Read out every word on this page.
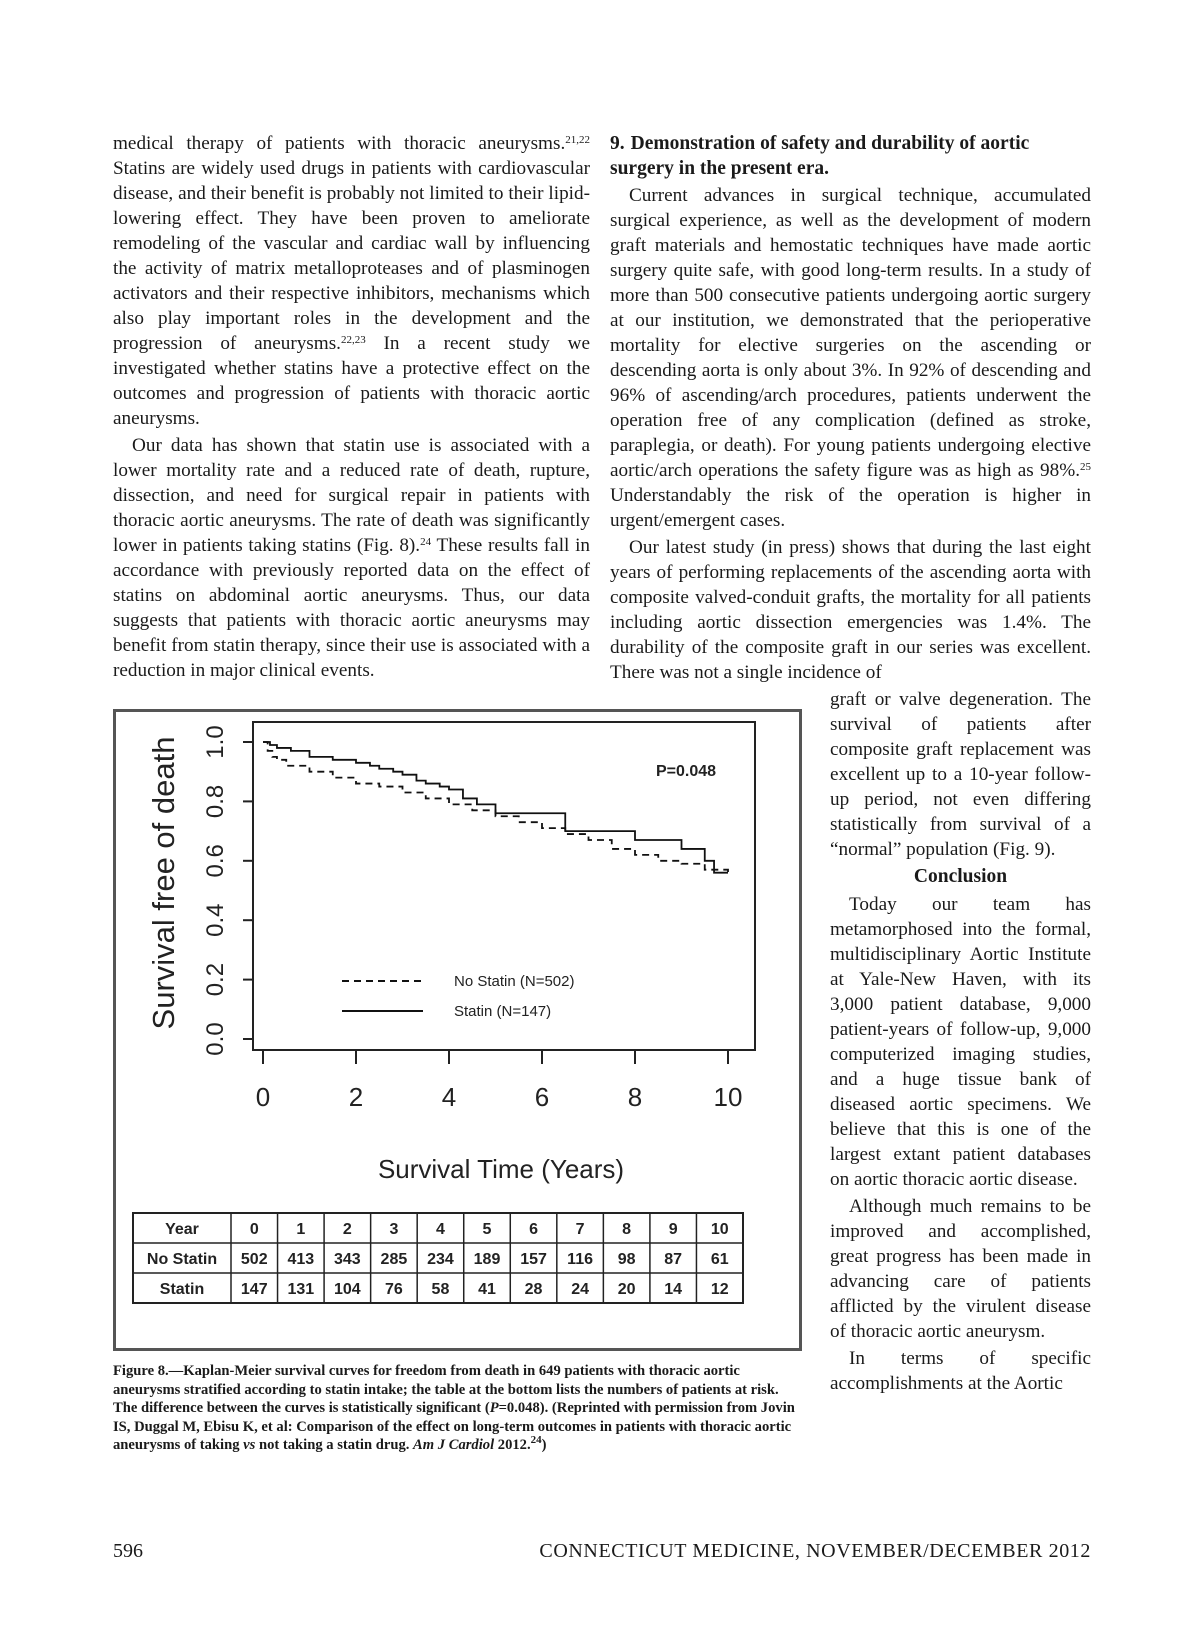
medical therapy of patients with thoracic aneurysms.$^{21,22}$ Statins are widely used drugs in patients with cardiovascular disease, and their benefit is probably not limited to their lipid-lowering effect. They have been proven to ameliorate remodeling of the vascular and cardiac wall by influencing the activity of matrix metalloproteases and of plasminogen activators and their respective inhibitors, mechanisms which also play important roles in the development and the progression of aneurysms.$^{22,23}$ In a recent study we investigated whether statins have a protective effect on the outcomes and progression of patients with thoracic aortic aneurysms.

Our data has shown that statin use is associated with a lower mortality rate and a reduced rate of death, rupture, dissection, and need for surgical repair in patients with thoracic aortic aneurysms. The rate of death was significantly lower in patients taking statins (Fig. 8).$^{24}$ These results fall in accordance with previously reported data on the effect of statins on abdominal aortic aneurysms. Thus, our data suggests that patients with thoracic aortic aneurysms may benefit from statin therapy, since their use is associated with a reduction in major clinical events.

9. Demonstration of safety and durability of aortic surgery in the present era.

Current advances in surgical technique, accumulated surgical experience, as well as the development of modern graft materials and hemostatic techniques have made aortic surgery quite safe, with good long-term results. In a study of more than 500 consecutive patients undergoing aortic surgery at our institution, we demonstrated that the perioperative mortality for elective surgeries on the ascending or descending aorta is only about 3%. In 92% of descending and 96% of ascending/arch procedures, patients underwent the operation free of any complication (defined as stroke, paraplegia, or death). For young patients undergoing elective aortic/arch operations the safety figure was as high as 98%.$^{25}$ Understandably the risk of the operation is higher in urgent/emergent cases.

Our latest study (in press) shows that during the last eight years of performing replacements of the ascending aorta with composite valved-conduit grafts, the mortality for all patients including aortic dissection emergencies was 1.4%. The durability of the composite graft in our series was excellent. There was not a single incidence of

graft or valve degeneration. The survival of patients after composite graft replacement was excellent up to a 10-year follow-up period, not even differing statistically from survival of a “normal” population (Fig. 9).

Conclusion

Today our team has metamorphosed into the formal, multidisciplinary Aortic Institute at Yale-New Haven, with its 3,000 patient database, 9,000 patient-years of follow-up, 9,000 computerized imaging studies, and a huge tissue bank of diseased aortic specimens. We believe that this is one of the largest extant patient databases on aortic thoracic aortic disease.

Although much remains to be improved and accomplished, great progress has been made in advancing care of patients afflicted by the virulent disease of thoracic aortic aneurysm.

In terms of specific accomplishments at the Aortic

Survival free of death
Survival Time (Years)
P=0.048
0.0
0.2
0.4
0.6
0.8
1.0
0	2	4	6	8	10
No Statin (N=502)
Statin (N=147)
Year	0 1 2 3 4 5 6 7 8 9 10
No Statin 502 413 343 285 234 189 157 116 98 87 61
Statin 147 131 104 76 58 41 28 24 20 14 12
Figure 8.—Kaplan-Meier survival curves for freedom from death in 649 patients with thoracic aortic aneurysms stratified according to statin intake; the table at the bottom lists the numbers of patients at risk. The difference between the curves is statistically significant (P=0.048). (Reprinted with permission from Jovin IS, Duggal M, Ebisu K, et al: Comparison of the effect on long-term outcomes in patients with thoracic aortic aneurysms of taking vs not taking a statin drug. Am J Cardiol 2012.24)
596	CONNECTICUT MEDICINE, NOVEMBER/DECEMBER 2012
